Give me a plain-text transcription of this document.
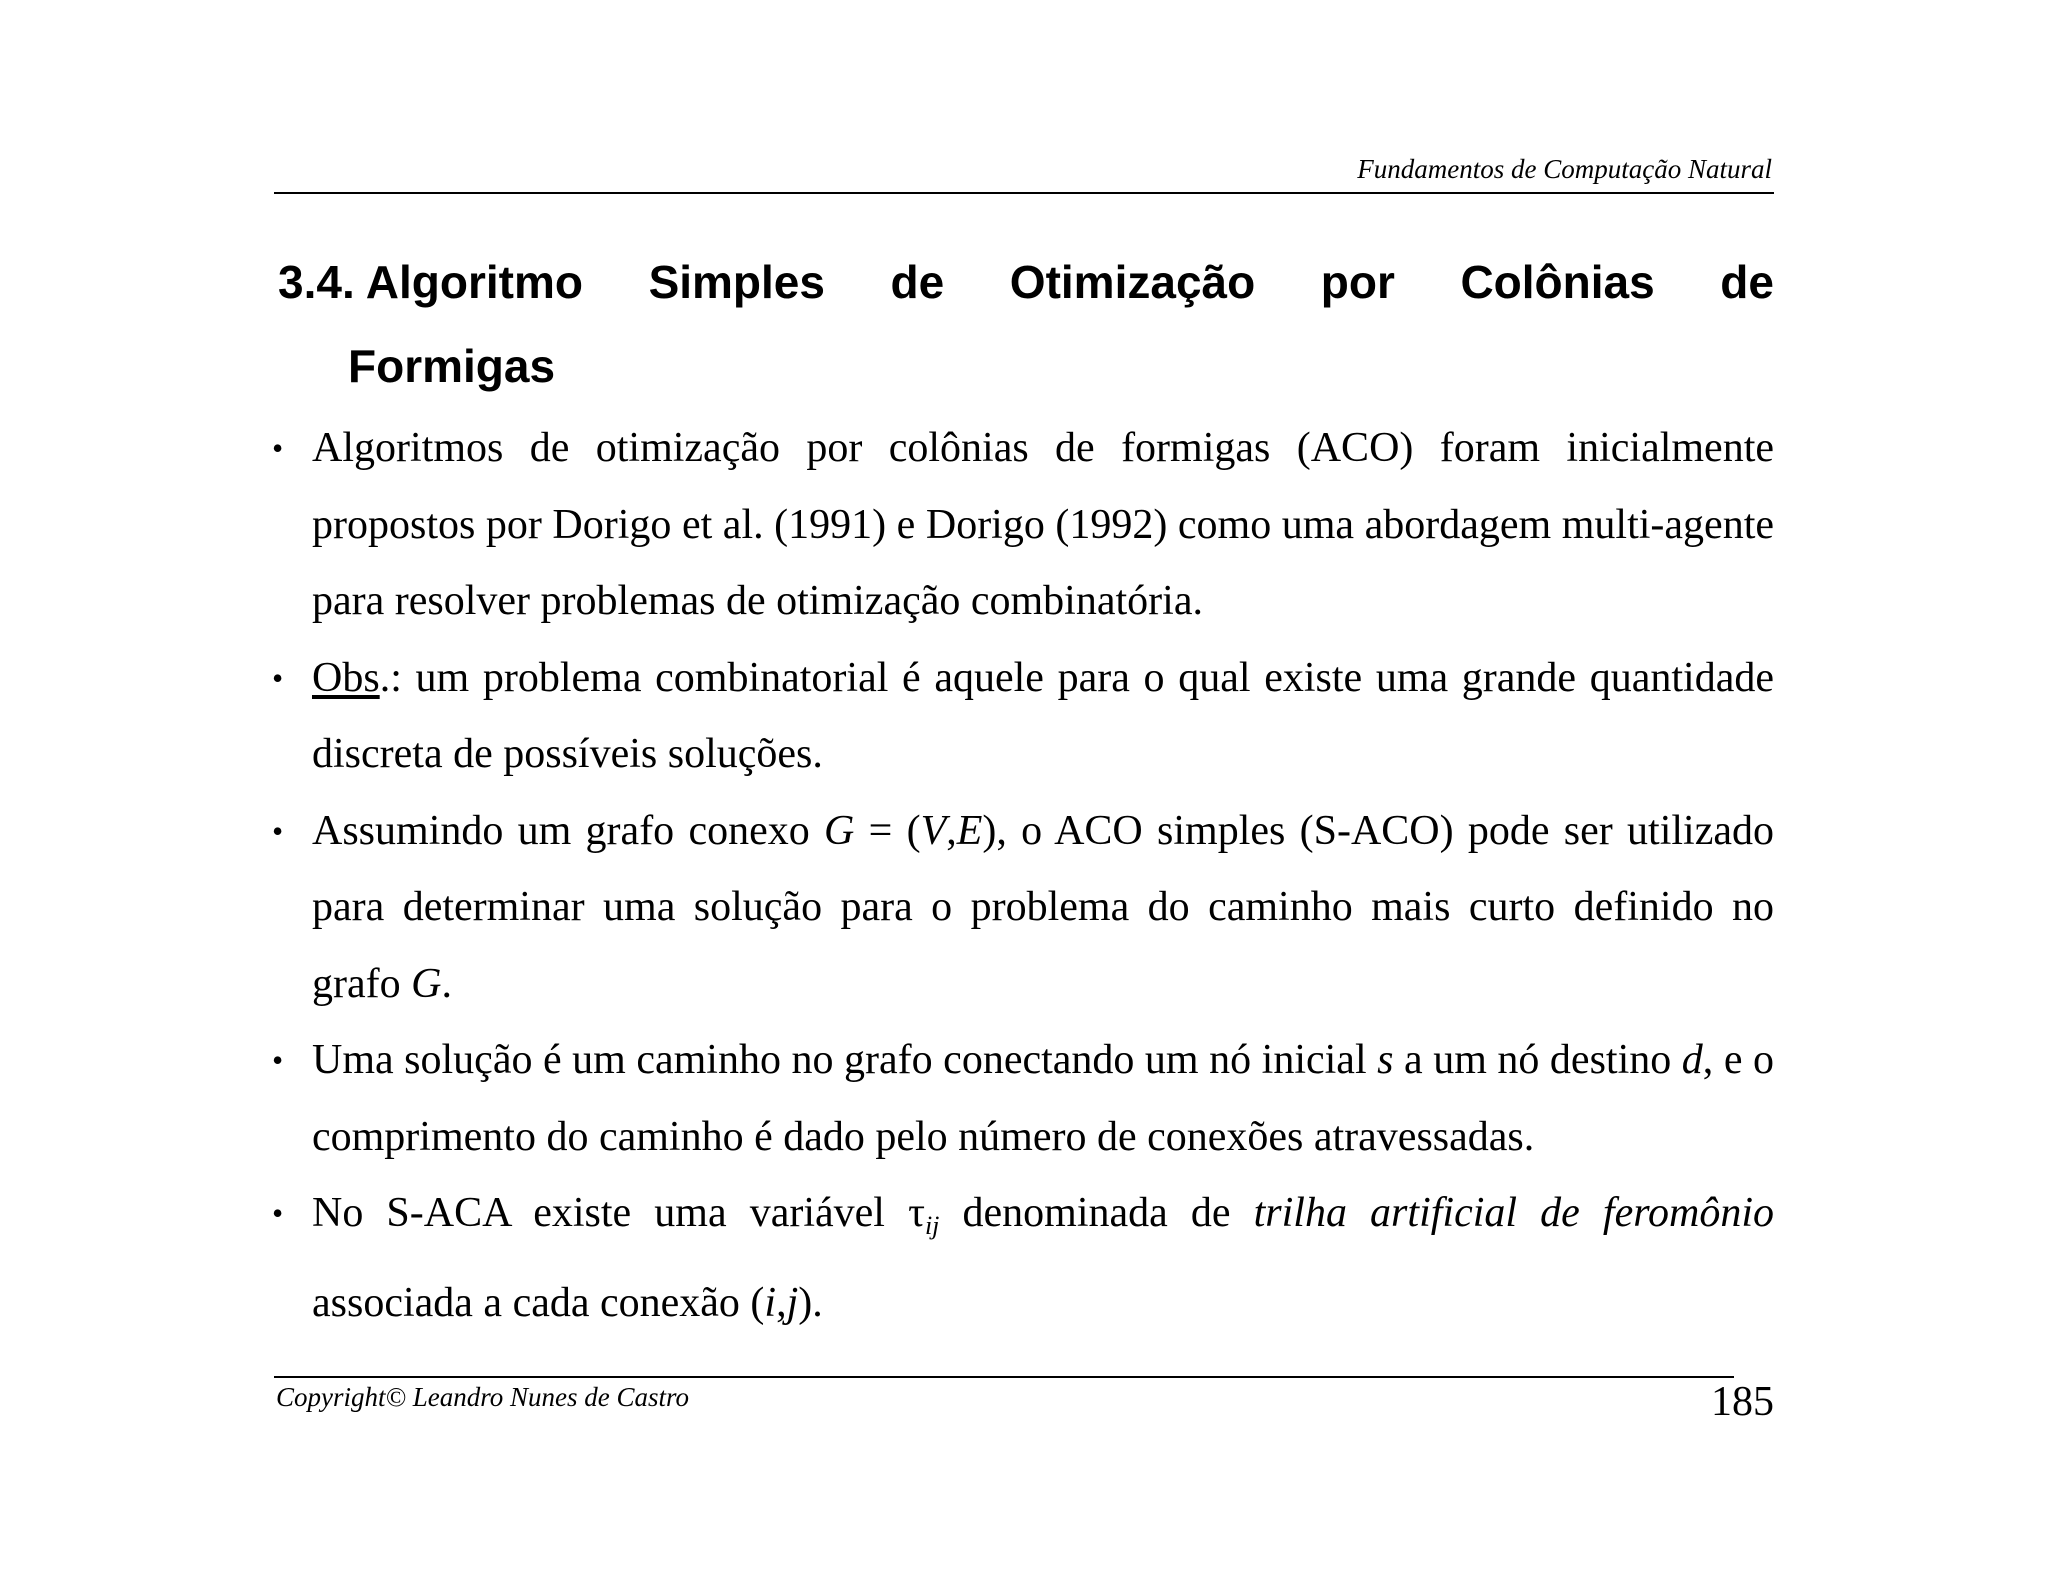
Fundamentos de Computação Natural
3.4. Algoritmo Simples de Otimização por Colônias de
Formigas
• Algoritmos de otimização por colônias de formigas (ACO) foram inicialmente propostos por Dorigo et al. (1991) e Dorigo (1992) como uma abordagem multi-agente para resolver problemas de otimização combinatória.
• Obs.: um problema combinatorial é aquele para o qual existe uma grande quantidade discreta de possíveis soluções.
• Assumindo um grafo conexo G = (V,E), o ACO simples (S-ACO) pode ser utilizado para determinar uma solução para o problema do caminho mais curto definido no grafo G.
• Uma solução é um caminho no grafo conectando um nó inicial s a um nó destino d, e o comprimento do caminho é dado pelo número de conexões atravessadas.
• No S-ACA existe uma variável $\tau_{ij}$ denominada de trilha artificial de feromônio associada a cada conexão (i,j).
Copyright© Leandro Nunes de Castro	185
